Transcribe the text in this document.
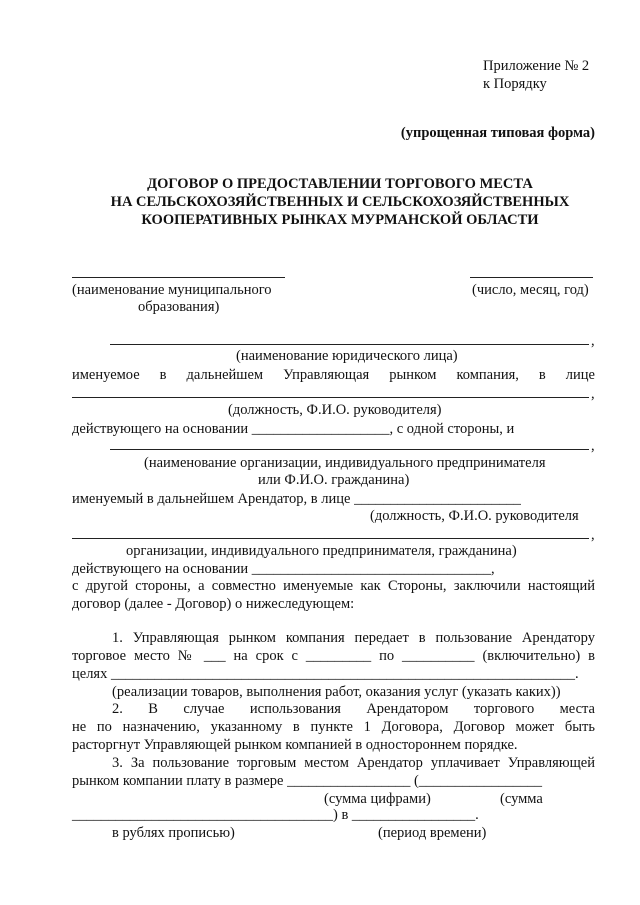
Приложение № 2
к Порядку
(упрощенная типовая форма)
ДОГОВОР О ПРЕДОСТАВЛЕНИИ ТОРГОВОГО МЕСТА
НА СЕЛЬСКОХОЗЯЙСТВЕННЫХ И СЕЛЬСКОХОЗЯЙСТВЕННЫХ
КООПЕРАТИВНЫХ РЫНКАХ МУРМАНСКОЙ ОБЛАСТИ
(наименование муниципального
образования)
(число, месяц, год)
,
(наименование юридического лица)
именуемое в дальнейшем Управляющая рынком компания, в лице
,
(должность, Ф.И.О. руководителя)
действующего на основании ___________________, с одной стороны, и
,
(наименование организации, индивидуального предпринимателя
или Ф.И.О. гражданина)
именуемый в дальнейшем Арендатор, в лице _______________________
(должность, Ф.И.О. руководителя
,
организации, индивидуального предпринимателя, гражданина)
действующего на основании _________________________________,
с другой стороны, а совместно именуемые как Стороны, заключили настоящий
договор (далее - Договор) о нижеследующем:
1. Управляющая рынком компания передает в пользование Арендатору
торговое место № ___ на срок с _________ по __________ (включительно) в
целях ________________________________________________________________.
(реализации товаров, выполнения работ, оказания услуг (указать каких))
2. В случае использования Арендатором торгового места
не по назначению, указанному в пункте 1 Договора, Договор может быть
расторгнут Управляющей рынком компанией в одностороннем порядке.
3. За пользование торговым местом Арендатор уплачивает Управляющей
рынком компании плату в размере _________________ (_________________
(сумма цифрами)	(сумма
____________________________________) в _________________.
в рублях прописью)	(период времени)
